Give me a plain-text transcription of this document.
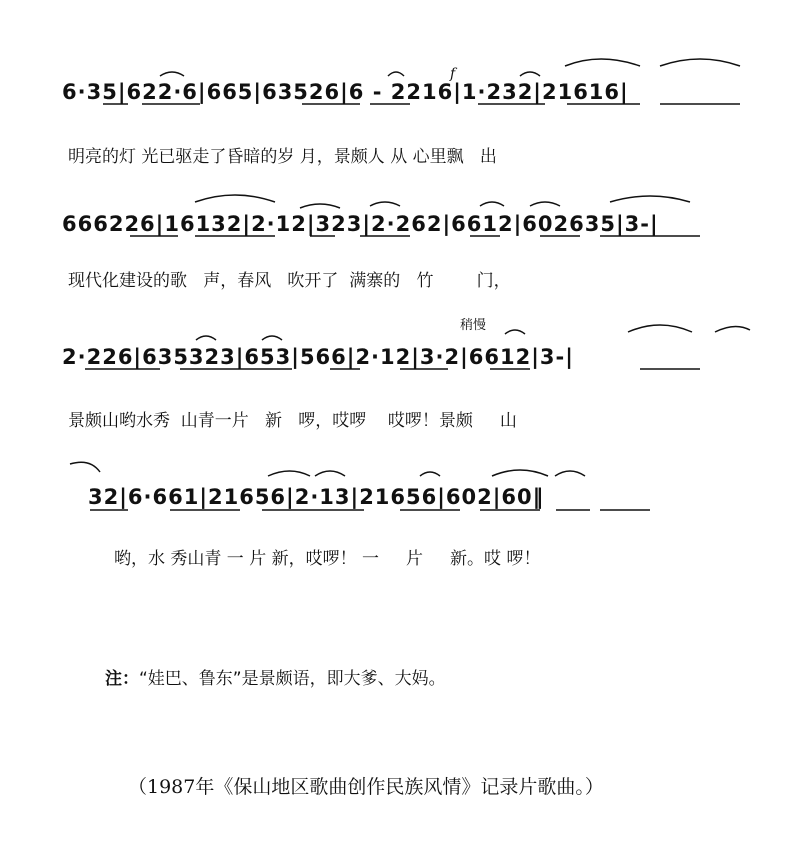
6·35|622·6|665|63526|6 - 2216|1·232|21616|
明亮的灯 光已驱走了昏暗的岁 月，景颇人 从 心里飘   出
666226|16132|2·12|323|2·262|6612|602635|3-|
现代化建设的歌   声，春风   吹开了  满寨的   竹        门，
稍慢
2·226|635323|653|566|2·12|3·2|6612|3-|
景颇山哟水秀  山青一片   新   啰，哎啰    哎啰！景颇     山
32|6·661|21656|2·13|21656|602|60‖
哟，水 秀山青 一 片 新，哎啰！ 一     片     新。哎 啰！
f
注：“娃巴、鲁东”是景颇语，即大爹、大妈。
（1987年《保山地区歌曲创作民族风情》记录片歌曲。）
